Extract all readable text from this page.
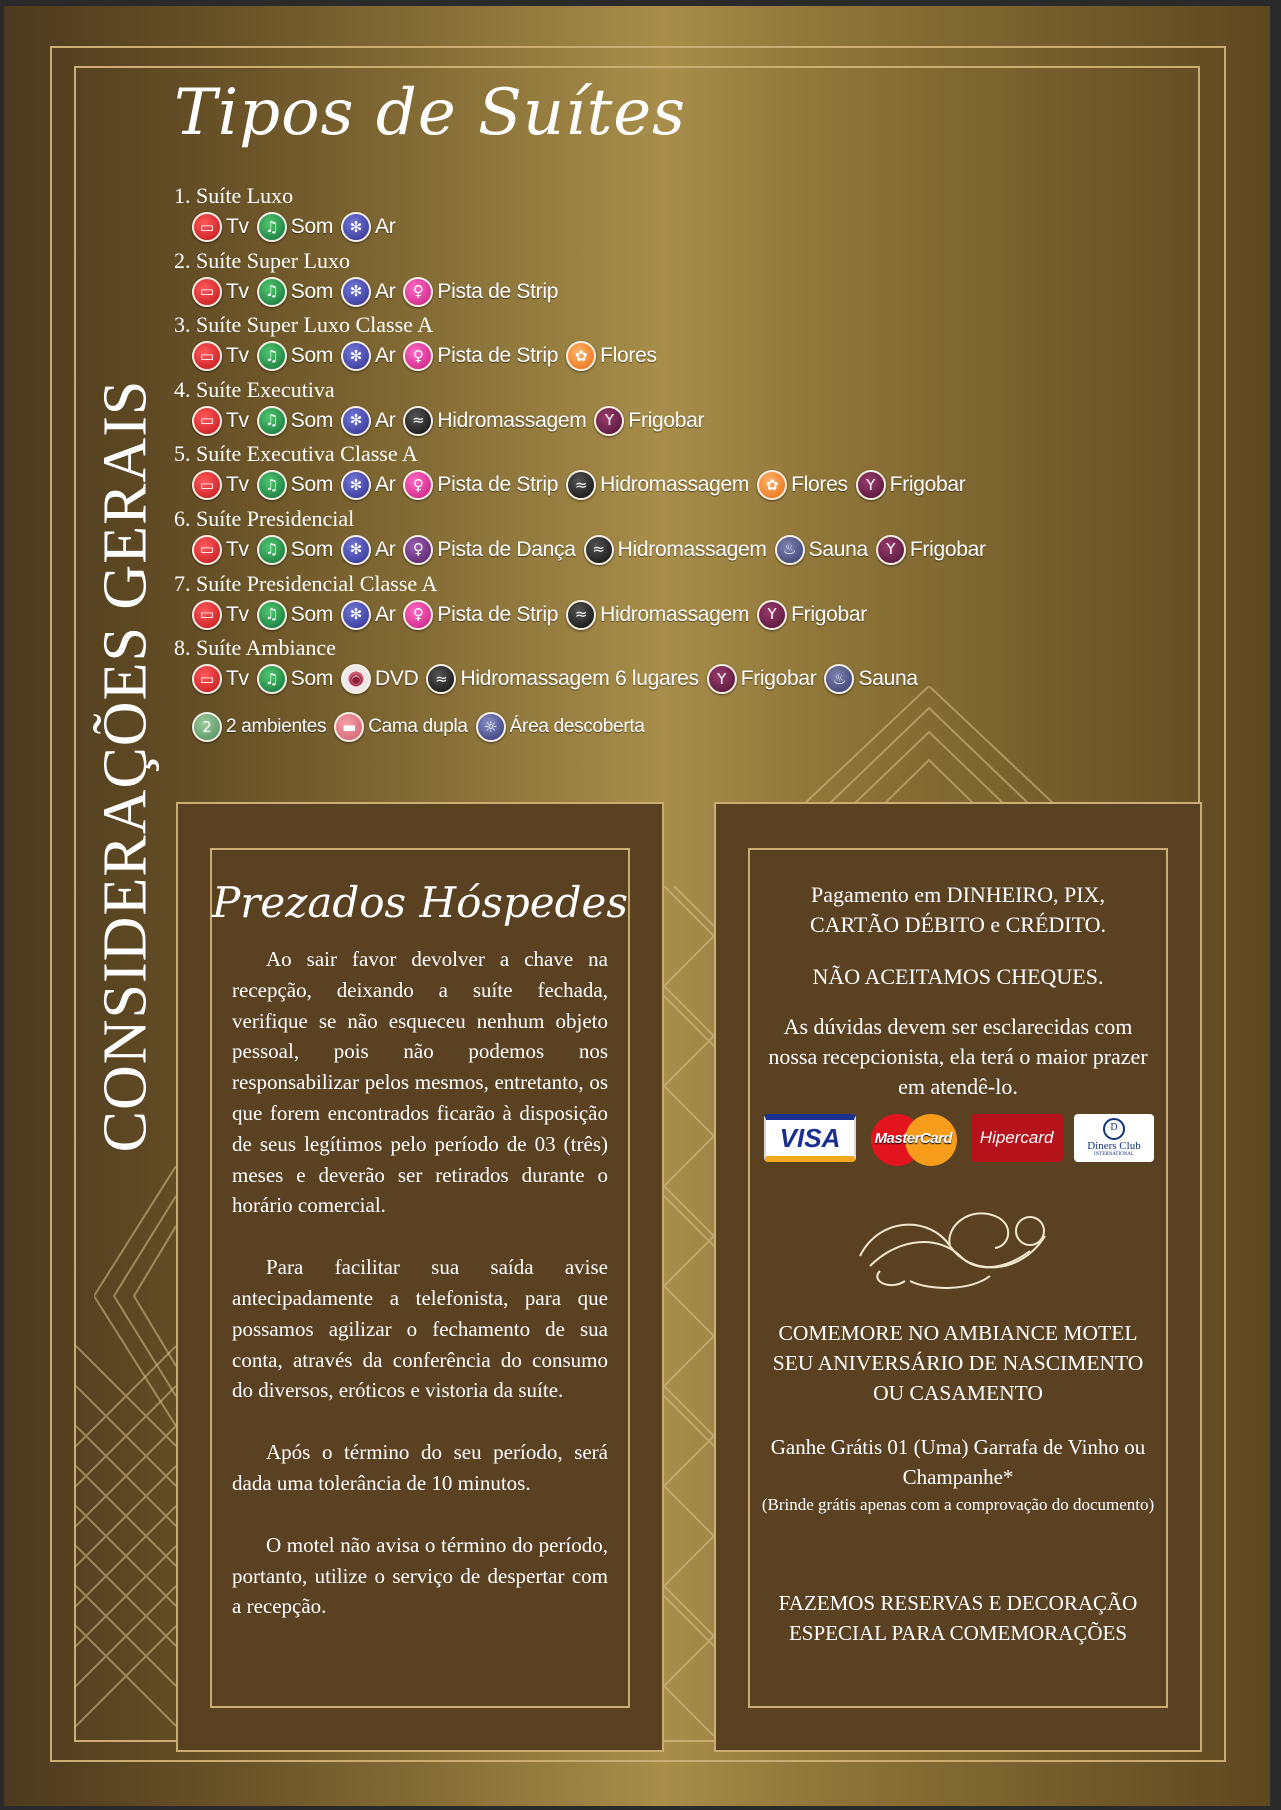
CONSIDERAÇÕES GERAIS
Tipos de Suítes
1. Suíte Luxo
▭ Tv	♫ Som	✻ Ar
2. Suíte Super Luxo
▭ Tv	♫ Som	✻ Ar	♀ Pista de Strip
3. Suíte Super Luxo Classe A
▭ Tv	♫ Som	✻ Ar	♀ Pista de Strip	✿ Flores
4. Suíte Executiva
▭ Tv	♫ Som	✻ Ar	≈ Hidromassagem	Y Frigobar
5. Suíte Executiva Classe A
▭ Tv	♫ Som	✻ Ar	♀ Pista de Strip	≈ Hidromassagem	✿ Flores	Y Frigobar
6. Suíte Presidencial
▭ Tv	♫ Som	✻ Ar	♀ Pista de Dança	≈ Hidromassagem	♨ Sauna	Y Frigobar
7. Suíte Presidencial Classe A
▭ Tv	♫ Som	✻ Ar	♀ Pista de Strip	≈ Hidromassagem	Y Frigobar
8. Suíte Ambiance
▭ Tv	♫ Som	◉ DVD	≈ Hidromassagem 6 lugares	Y Frigobar	♨ Sauna
2 2 ambientes	▬ Cama dupla	☼ Área descoberta
Prezados Hóspedes

Ao sair favor devolver a chave na recepção, deixando a suíte fechada, verifique se não esqueceu nenhum objeto pessoal, pois não podemos nos responsabilizar pelos mesmos, entretanto, os que forem encontrados ficarão à disposição de seus legítimos pelo período de 03 (três) meses e deverão ser retirados durante o horário comercial.

Para facilitar sua saída avise antecipadamente a telefonista, para que possamos agilizar o fechamento de sua conta, através da conferência do consumo do diversos, eróticos e vistoria da suíte.

Após o término do seu período, será dada uma tolerância de 10 minutos.

O motel não avisa o término do período, portanto, utilize o serviço de despertar com a recepção.

Pagamento em DINHEIRO, PIX,
CARTÃO DÉBITO e CRÉDITO.
NÃO ACEITAMOS CHEQUES.
As dúvidas devem ser esclarecidas com nossa recepcionista, ela terá o maior prazer em atendê-lo.
VISA MasterCard Hipercard
D
Diners Club
INTERNATIONAL
COMEMORE NO AMBIANCE MOTEL SEU ANIVERSÁRIO DE NASCIMENTO OU CASAMENTO
Ganhe Grátis 01 (Uma) Garrafa de Vinho ou Champanhe*
(Brinde grátis apenas com a comprovação do documento)
FAZEMOS RESERVAS E DECORAÇÃO ESPECIAL PARA COMEMORAÇÕES
